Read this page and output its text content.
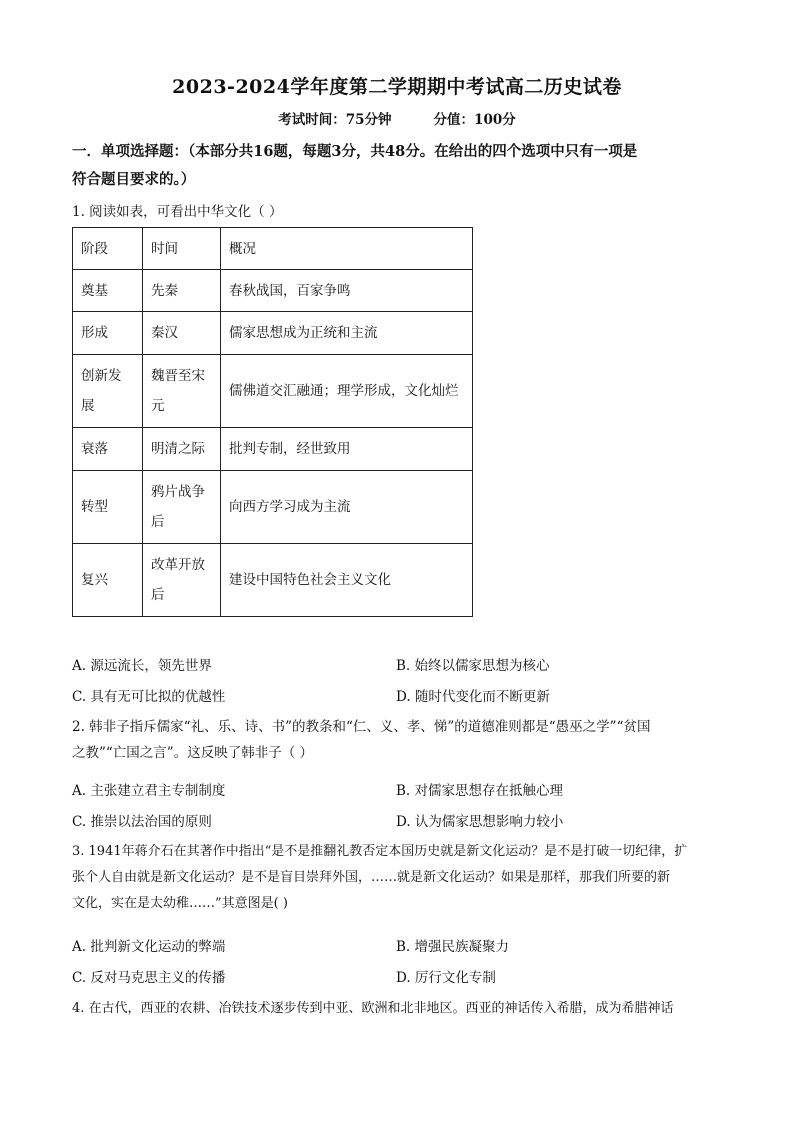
2023-2024学年度第二学期期中考试高二历史试卷
考试时间：75分钟	分值：100分
一．单项选择题：（本部分共16题，每题3分，共48分。在给出的四个选项中只有一项是
符合题目要求的。）
1. 阅读如表，可看出中华文化（ ）
阶段	时间	概况
奠基	先秦	春秋战国，百家争鸣
形成	秦汉	儒家思想成为正统和主流
创新发展	魏晋至宋元	儒佛道交汇融通；理学形成，文化灿烂
衰落	明清之际	批判专制，经世致用
转型	鸦片战争后	向西方学习成为主流
复兴	改革开放后	建设中国特色社会主义文化
A. 源远流长，领先世界	B. 始终以儒家思想为核心
C. 具有无可比拟的优越性	D. 随时代变化而不断更新
2. 韩非子指斥儒家“礼、乐、诗、书”的教条和“仁、义、孝、悌”的道德准则都是“愚巫之学”“贫国
之教”“亡国之言”。这反映了韩非子（ ）
A. 主张建立君主专制制度	B. 对儒家思想存在抵触心理
C. 推崇以法治国的原则	D. 认为儒家思想影响力较小
3. 1941年蒋介石在其著作中指出“是不是推翻礼教否定本国历史就是新文化运动？是不是打破一切纪律，扩
张个人自由就是新文化运动？是不是盲目崇拜外国，……就是新文化运动？如果是那样，那我们所要的新
文化，实在是太幼稚……”其意图是( )
A. 批判新文化运动的弊端	B. 增强民族凝聚力
C. 反对马克思主义的传播	D. 厉行文化专制
4. 在古代，西亚的农耕、冶铁技术逐步传到中亚、欧洲和北非地区。西亚的神话传入希腊，成为希腊神话
